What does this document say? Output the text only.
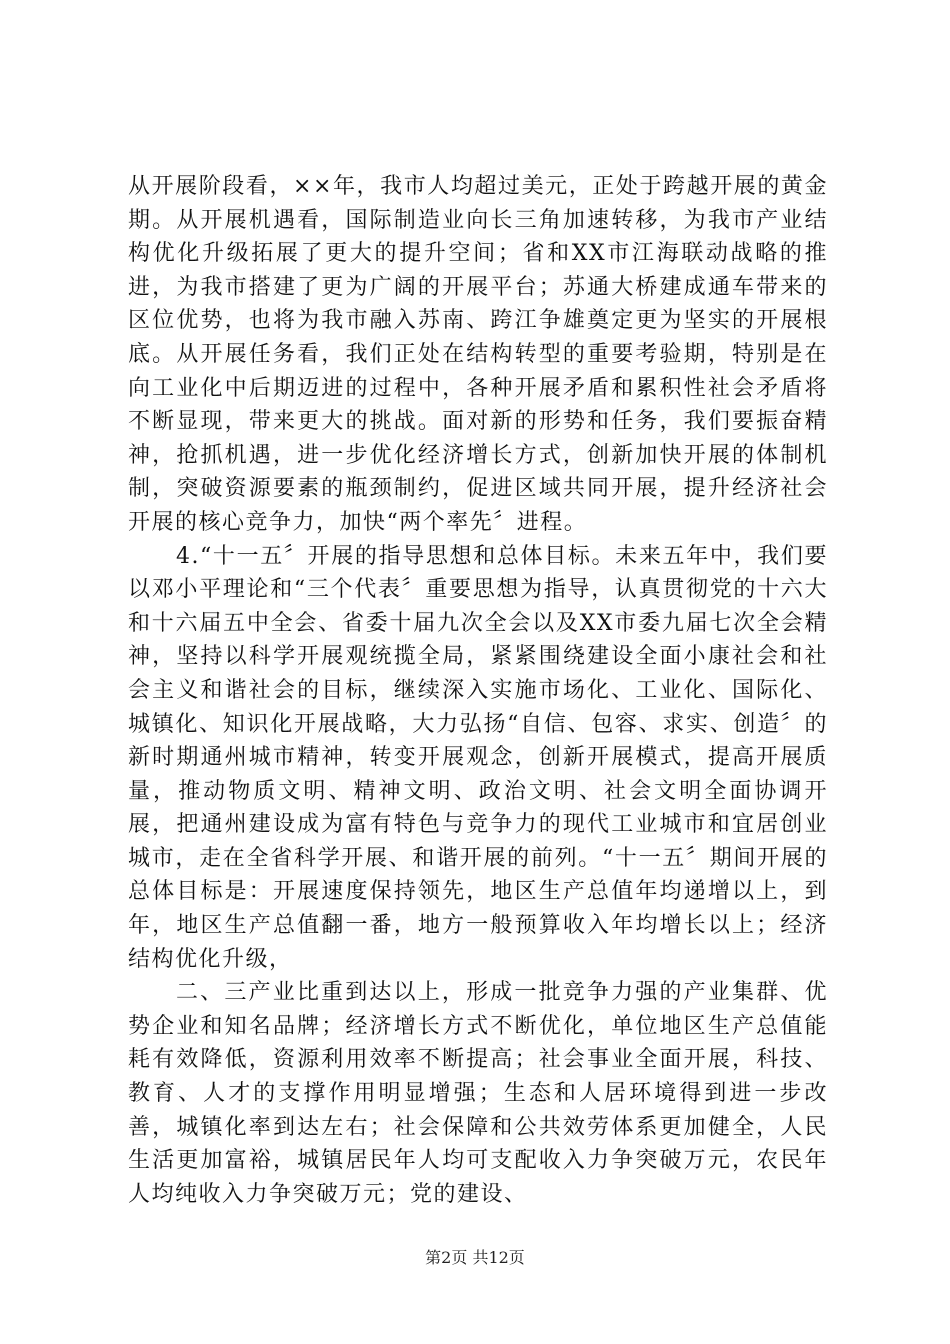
从开展阶段看，××年，我市人均超过美元，正处于跨越开展的黄金期。从开展机遇看，国际制造业向长三角加速转移，为我市产业结构优化升级拓展了更大的提升空间；省和XX市江海联动战略的推进，为我市搭建了更为广阔的开展平台；苏通大桥建成通车带来的区位优势，也将为我市融入苏南、跨江争雄奠定更为坚实的开展根底。从开展任务看，我们正处在结构转型的重要考验期，特别是在向工业化中后期迈进的过程中，各种开展矛盾和累积性社会矛盾将不断显现，带来更大的挑战。面对新的形势和任务，我们要振奋精神，抢抓机遇，进一步优化经济增长方式，创新加快开展的体制机制，突破资源要素的瓶颈制约，促进区域共同开展，提升经济社会开展的核心竞争力，加快“两个率先〞进程。

4.“十一五〞开展的指导思想和总体目标。未来五年中，我们要以邓小平理论和“三个代表〞重要思想为指导，认真贯彻党的十六大和十六届五中全会、省委十届九次全会以及XX市委九届七次全会精神，坚持以科学开展观统揽全局，紧紧围绕建设全面小康社会和社会主义和谐社会的目标，继续深入实施市场化、工业化、国际化、城镇化、知识化开展战略，大力弘扬“自信、包容、求实、创造〞的新时期通州城市精神，转变开展观念，创新开展模式，提高开展质量，推动物质文明、精神文明、政治文明、社会文明全面协调开展，把通州建设成为富有特色与竞争力的现代工业城市和宜居创业城市，走在全省科学开展、和谐开展的前列。“十一五〞期间开展的总体目标是：开展速度保持领先，地区生产总值年均递增以上，到年，地区生产总值翻一番，地方一般预算收入年均增长以上；经济结构优化升级，

二、三产业比重到达以上，形成一批竞争力强的产业集群、优势企业和知名品牌；经济增长方式不断优化，单位地区生产总值能耗有效降低，资源利用效率不断提高；社会事业全面开展，科技、教育、人才的支撑作用明显增强；生态和人居环境得到进一步改善，城镇化率到达左右；社会保障和公共效劳体系更加健全，人民生活更加富裕，城镇居民年人均可支配收入力争突破万元，农民年人均纯收入力争突破万元；党的建设、

第2页 共12页
